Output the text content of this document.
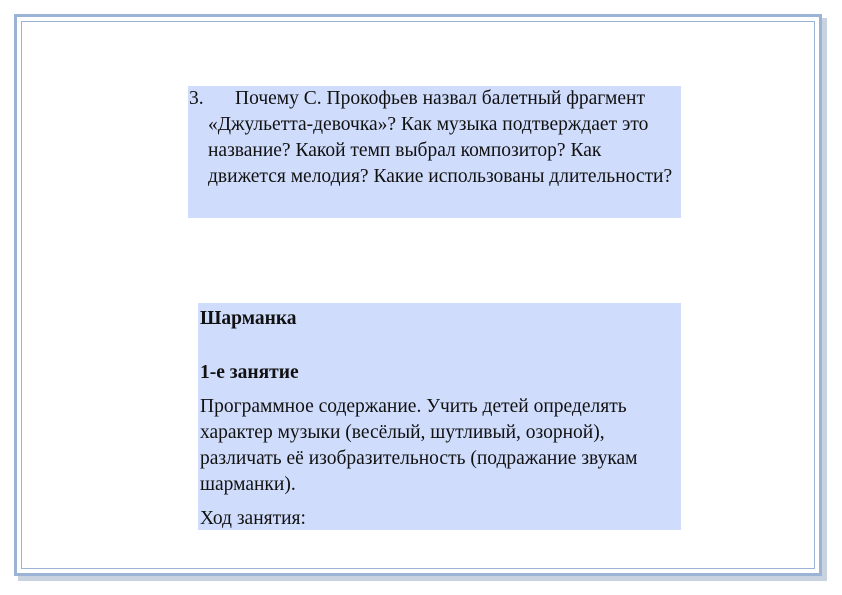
3.	Почему С. Прокофьев назвал балетный фрагмент «Джульетта-девочка»? Как музыка подтверждает это название? Какой темп выбрал композитор? Как движется мелодия? Какие использованы длительности?
Шарманка
1-е занятие
Программное содержание. Учить детей определять характер музыки (весёлый, шутливый, озорной), различать её изобразительность (подражание звукам шарманки).
Ход занятия:
